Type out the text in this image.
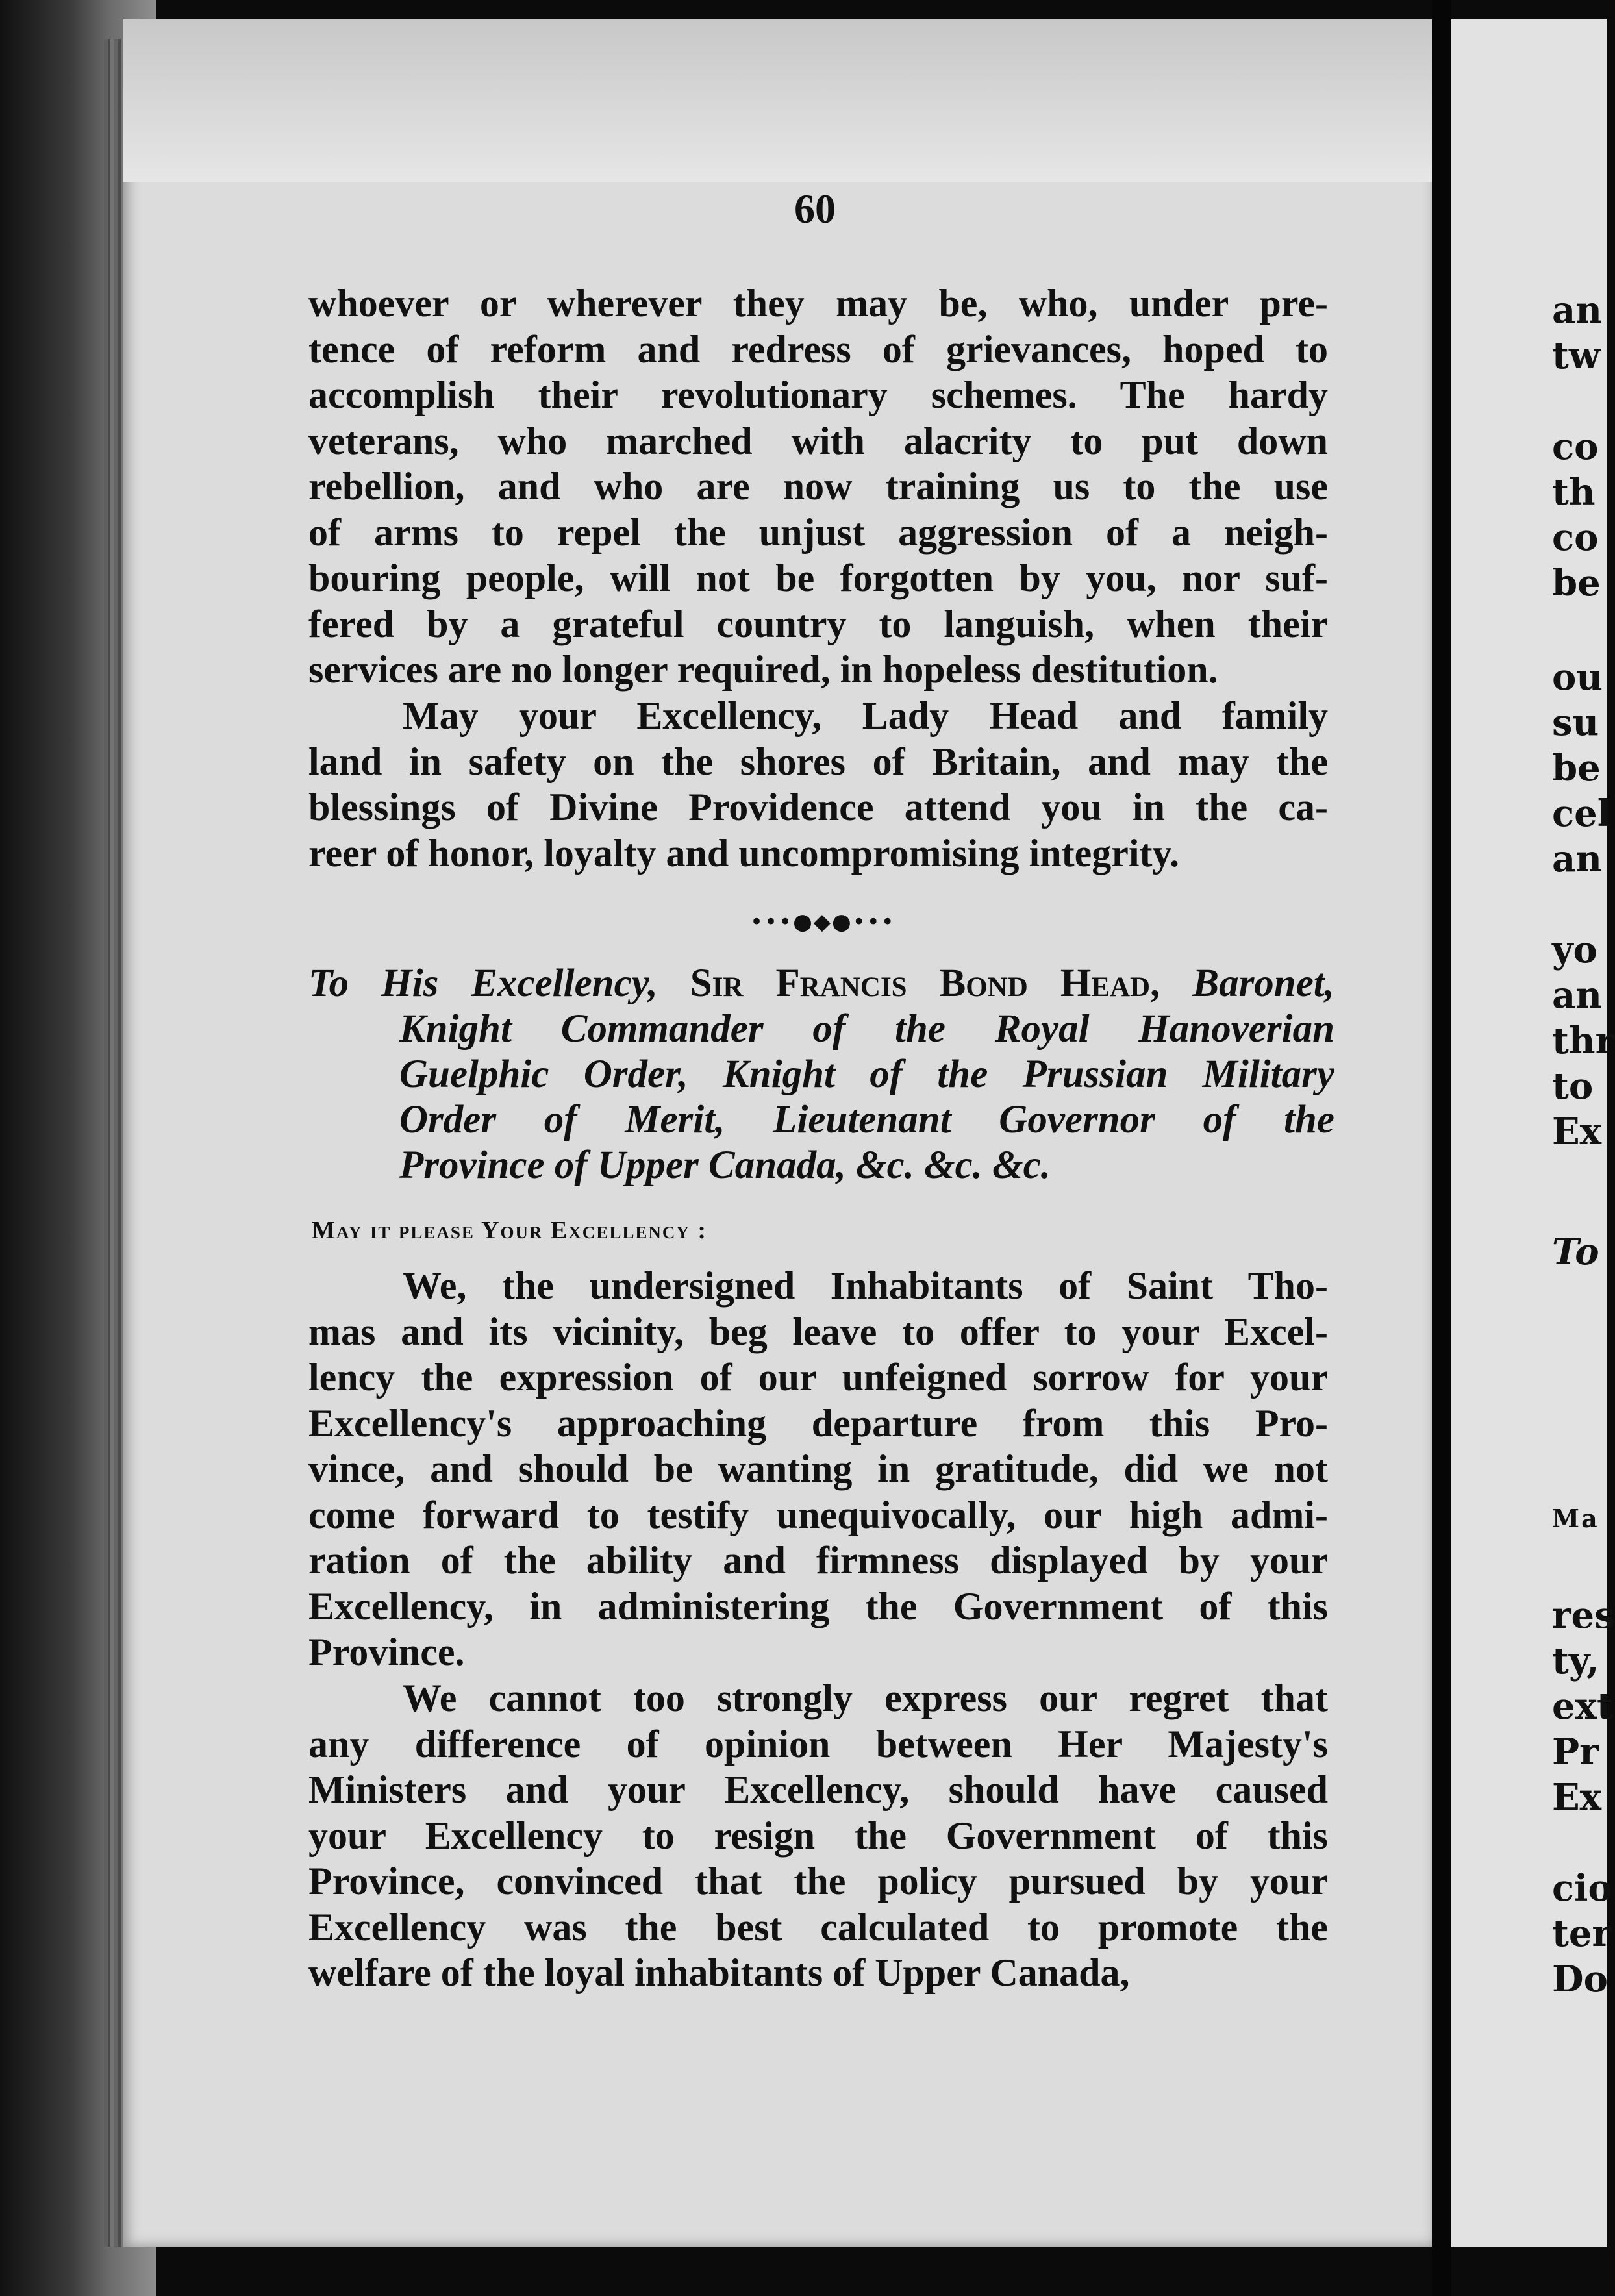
an
tw
co
th
co
be
ou
su
be
cel
an
yo
an
thr
to
Ex
To
Ma
res
ty,
ext
Pr
Ex
cio
ter
Do
60
whoever or wherever they may be, who, under pre-
tence of reform and redress of grievances, hoped to
accomplish their revolutionary schemes. The hardy
veterans, who marched with alacrity to put down
rebellion, and who are now training us to the use
of arms to repel the unjust aggression of a neigh-
bouring people, will not be forgotten by you, nor suf-
fered by a grateful country to languish, when their
services are no longer required, in hopeless destitution.
May your Excellency, Lady Head and family
land in safety on the shores of Britain, and may the
blessings of Divine Providence attend you in the ca-
reer of honor, loyalty and uncompromising integrity.
•••●◆●•••
To His Excellency, Sir Francis Bond Head, Baronet,
Knight Commander of the Royal Hanoverian
Guelphic Order, Knight of the Prussian Military
Order of Merit, Lieutenant Governor of the
Province of Upper Canada, &c. &c. &c.
May it please Your Excellency :
We, the undersigned Inhabitants of Saint Tho-
mas and its vicinity, beg leave to offer to your Excel-
lency the expression of our unfeigned sorrow for your
Excellency's approaching departure from this Pro-
vince, and should be wanting in gratitude, did we not
come forward to testify unequivocally, our high admi-
ration of the ability and firmness displayed by your
Excellency, in administering the Government of this
Province.
We cannot too strongly express our regret that
any difference of opinion between Her Majesty's
Ministers and your Excellency, should have caused
your Excellency to resign the Government of this
Province, convinced that the policy pursued by your
Excellency was the best calculated to promote the
welfare of the loyal inhabitants of Upper Canada,
